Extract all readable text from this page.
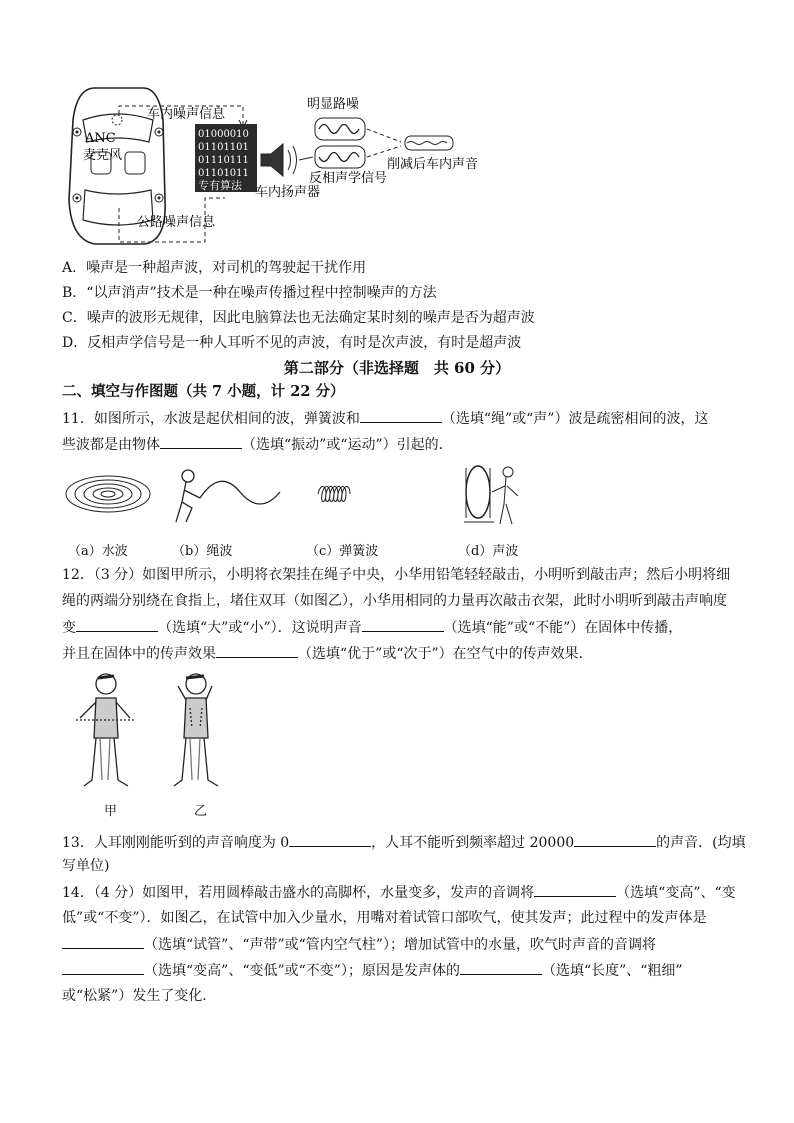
ANC
麦克风
车内噪声信息
公路噪声信息
01000010
01101101
01110111
01101011
专有算法 车内扬声器
明显路噪
反相声学信号
削减后车内声音
A．噪声是一种超声波，对司机的驾驶起干扰作用
B．“以声消声”技术是一种在噪声传播过程中控制噪声的方法
C．噪声的波形无规律，因此电脑算法也无法确定某时刻的噪声是否为超声波
D．反相声学信号是一种人耳听不见的声波，有时是次声波，有时是超声波
第二部分（非选择题　共 60 分）
二、填空与作图题（共 7 小题，计 22 分）
11．如图所示，水波是起伏相间的波，弹簧波和	（选填“绳”或“声”）波是疏密相间的波，这
些波都是由物体	（选填“振动”或“运动”）引起的．
（a）水波	（b）绳波	（c）弹簧波	（d）声波
12．（3 分）如图甲所示，小明将衣架挂在绳子中央，小华用铅笔轻轻敲击，小明听到敲击声；然后小明将细
绳的两端分别绕在食指上，堵住双耳（如图乙），小华用相同的力量再次敲击衣架，此时小明听到敲击声响度
变	（选填“大”或“小”）．这说明声音	（选填“能”或“不能”）在固体中传播，
并且在固体中的传声效果	（选填“优于”或“次于”）在空气中的传声效果．
甲	乙
13．人耳刚刚能听到的声音响度为 0	，人耳不能听到频率超过 20000	的声音．(均填
写单位)
14．（4 分）如图甲，若用圆棒敲击盛水的高脚杯，水量变多，发声的音调将	（选填“变高”、“变
低”或“不变”）．如图乙，在试管中加入少量水，用嘴对着试管口部吹气，使其发声；此过程中的发声体是
（选填“试管”、“声带”或“管内空气柱”）；增加试管中的水量，吹气时声音的音调将
（选填“变高”、“变低”或“不变”）；原因是发声体的	（选填“长度”、“粗细”
或“松紧”）发生了变化．
